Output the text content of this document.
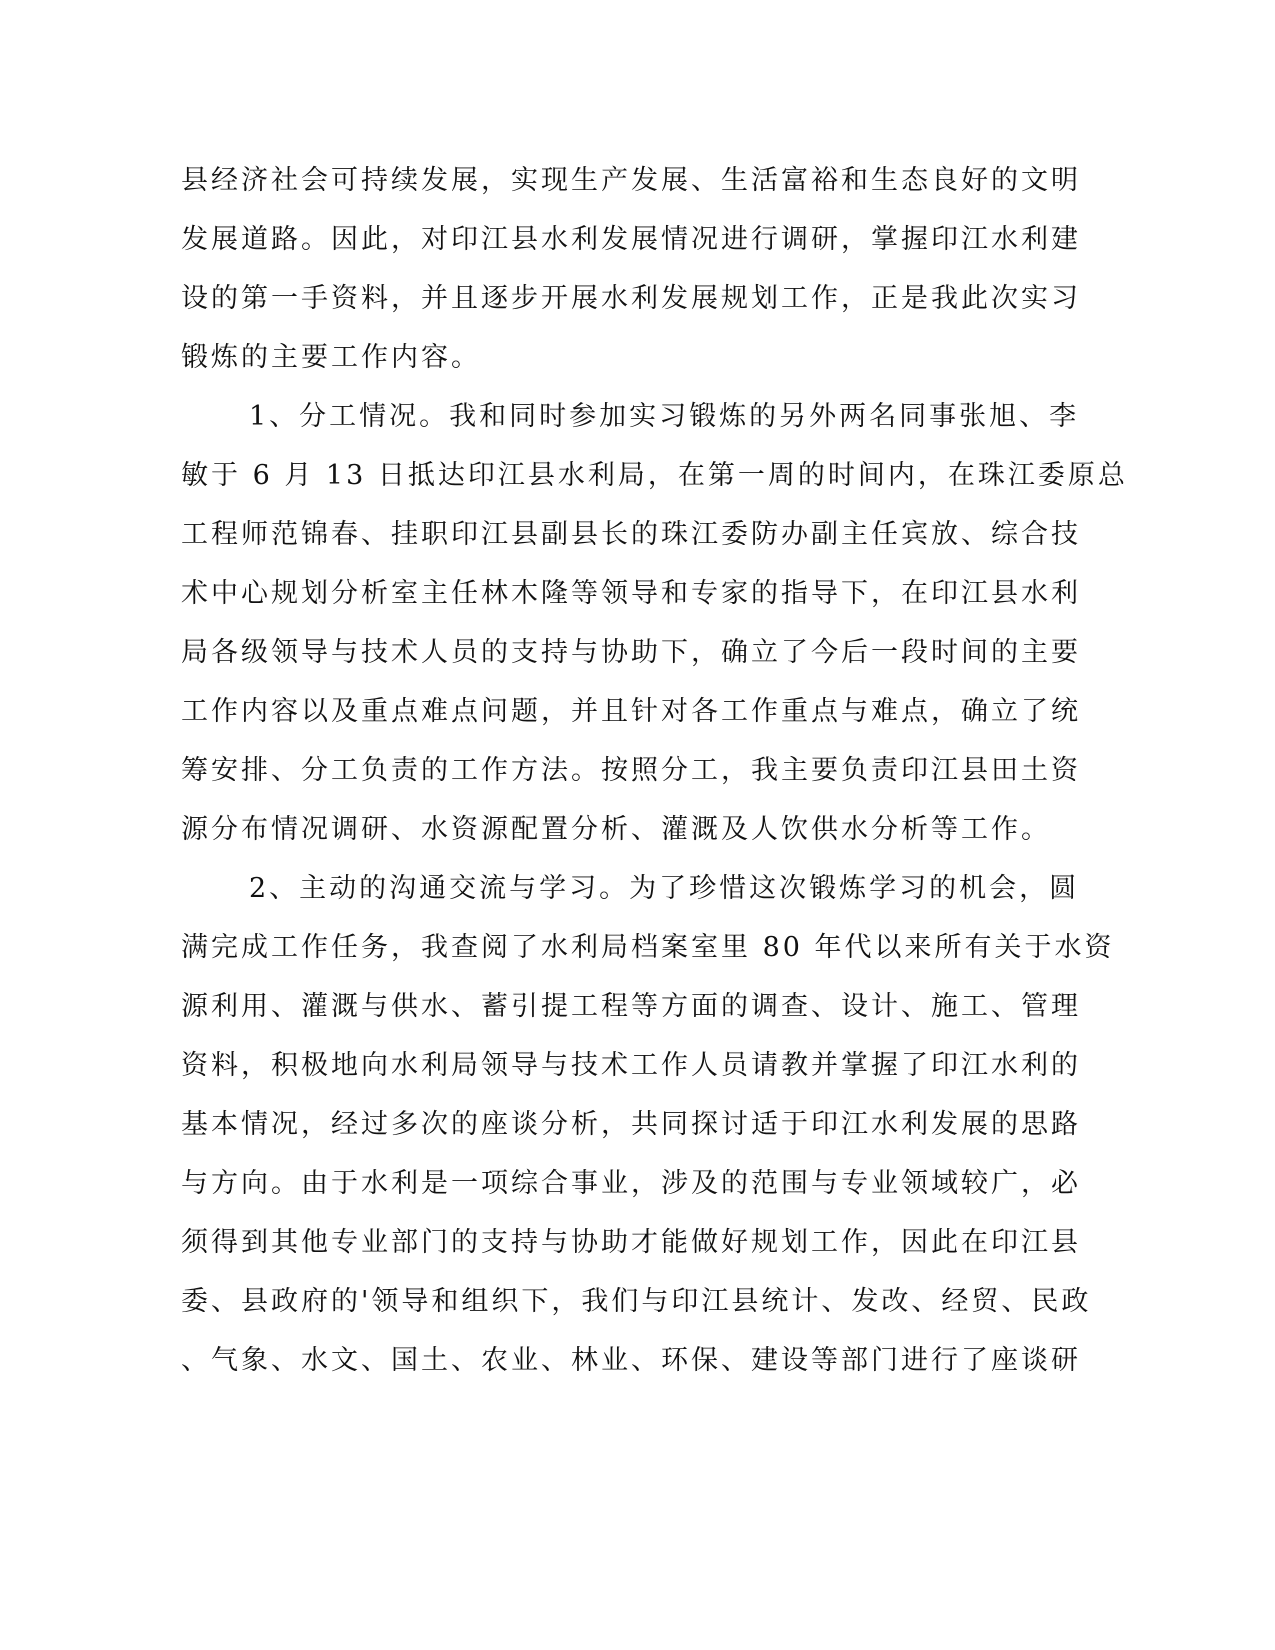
县经济社会可持续发展，实现生产发展、生活富裕和生态良好的文明
发展道路。因此，对印江县水利发展情况进行调研，掌握印江水利建
设的第一手资料，并且逐步开展水利发展规划工作，正是我此次实习
锻炼的主要工作内容。
1、分工情况。我和同时参加实习锻炼的另外两名同事张旭、李
敏于 6 月 13 日抵达印江县水利局，在第一周的时间内，在珠江委原总
工程师范锦春、挂职印江县副县长的珠江委防办副主任宾放、综合技
术中心规划分析室主任林木隆等领导和专家的指导下，在印江县水利
局各级领导与技术人员的支持与协助下，确立了今后一段时间的主要
工作内容以及重点难点问题，并且针对各工作重点与难点，确立了统
筹安排、分工负责的工作方法。按照分工，我主要负责印江县田土资
源分布情况调研、水资源配置分析、灌溉及人饮供水分析等工作。
2、主动的沟通交流与学习。为了珍惜这次锻炼学习的机会，圆
满完成工作任务，我查阅了水利局档案室里 80 年代以来所有关于水资
源利用、灌溉与供水、蓄引提工程等方面的调查、设计、施工、管理
资料，积极地向水利局领导与技术工作人员请教并掌握了印江水利的
基本情况，经过多次的座谈分析，共同探讨适于印江水利发展的思路
与方向。由于水利是一项综合事业，涉及的范围与专业领域较广，必
须得到其他专业部门的支持与协助才能做好规划工作，因此在印江县
委、县政府的'领导和组织下，我们与印江县统计、发改、经贸、民政
、气象、水文、国土、农业、林业、环保、建设等部门进行了座谈研
